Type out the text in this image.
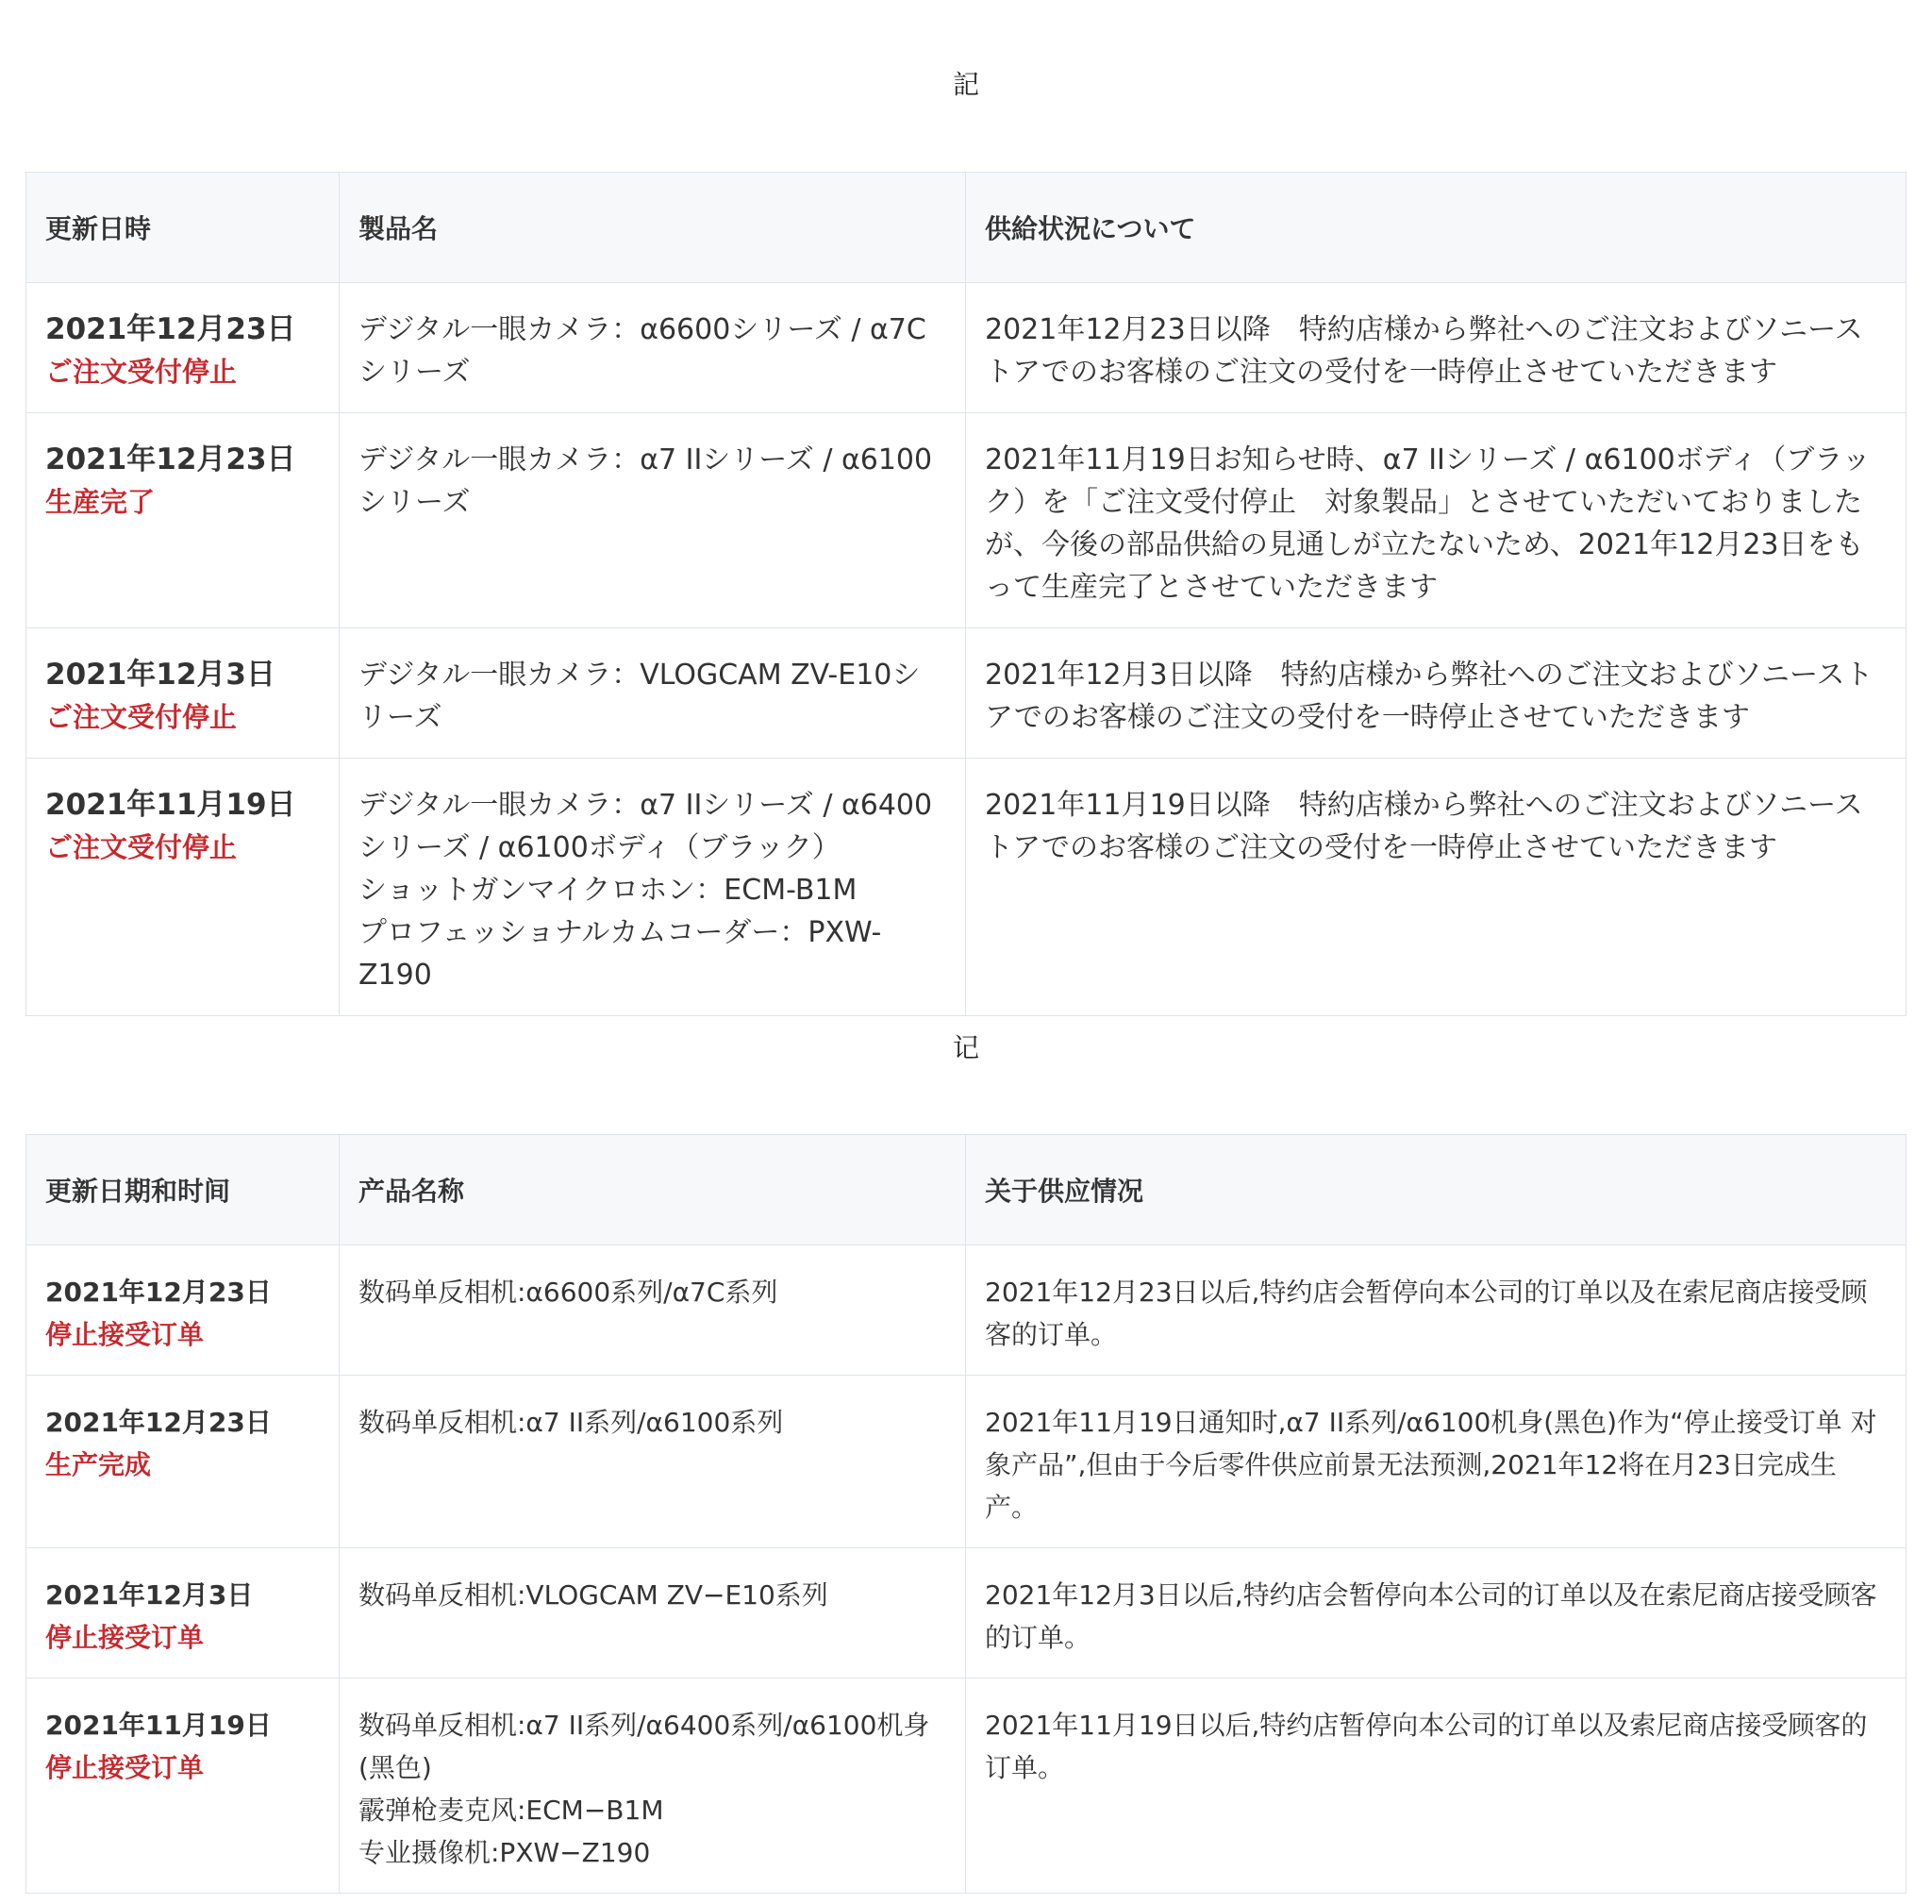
記
更新日時	製品名	供給状況について

2021年12月23日
ご注文受付停止	デジタル一眼カメラ：α6600シリーズ / α7Cシリーズ	2021年12月23日以降　特約店様から弊社へのご注文およびソニーストアでのお客様のご注文の受付を一時停止させていただきます

2021年12月23日
生産完了	デジタル一眼カメラ：α7 IIシリーズ / α6100シリーズ	2021年11月19日お知らせ時、α7 IIシリーズ / α6100ボディ（ブラック）を「ご注文受付停止　対象製品」とさせていただいておりましたが、今後の部品供給の見通しが立たないため、2021年12月23日をもって生産完了とさせていただきます

2021年12月3日
ご注文受付停止	デジタル一眼カメラ：VLOGCAM ZV-E10シリーズ	2021年12月3日以降　特約店様から弊社へのご注文およびソニーストアでのお客様のご注文の受付を一時停止させていただきます

2021年11月19日
ご注文受付停止	デジタル一眼カメラ：α7 IIシリーズ / α6400シリーズ / α6100ボディ（ブラック）
ショットガンマイクロホン：ECM-B1M
プロフェッショナルカムコーダー：PXW-Z190	2021年11月19日以降　特約店様から弊社へのご注文およびソニーストアでのお客様のご注文の受付を一時停止させていただきます
记
更新日期和时间	产品名称	关于供应情况

2021年12月23日
停止接受订单	数码单反相机:α6600系列/α7C系列	2021年12月23日以后,特约店会暂停向本公司的订单以及在索尼商店接受顾客的订单。

2021年12月23日
生产完成	数码单反相机:α7 II系列/α6100系列	2021年11月19日通知时,α7 II系列/α6100机身(黑色)作为“停止接受订单 对象产品”,但由于今后零件供应前景无法预测,2021年12将在月23日完成生产。

2021年12月3日
停止接受订单	数码单反相机:VLOGCAM ZV−E10系列	2021年12月3日以后,特约店会暂停向本公司的订单以及在索尼商店接受顾客的订单。

2021年11月19日
停止接受订单	数码单反相机:α7 II系列/α6400系列/α6100机身(黑色)
霰弹枪麦克风:ECM−B1M
专业摄像机:PXW−Z190	2021年11月19日以后,特约店暂停向本公司的订单以及索尼商店接受顾客的订单。
